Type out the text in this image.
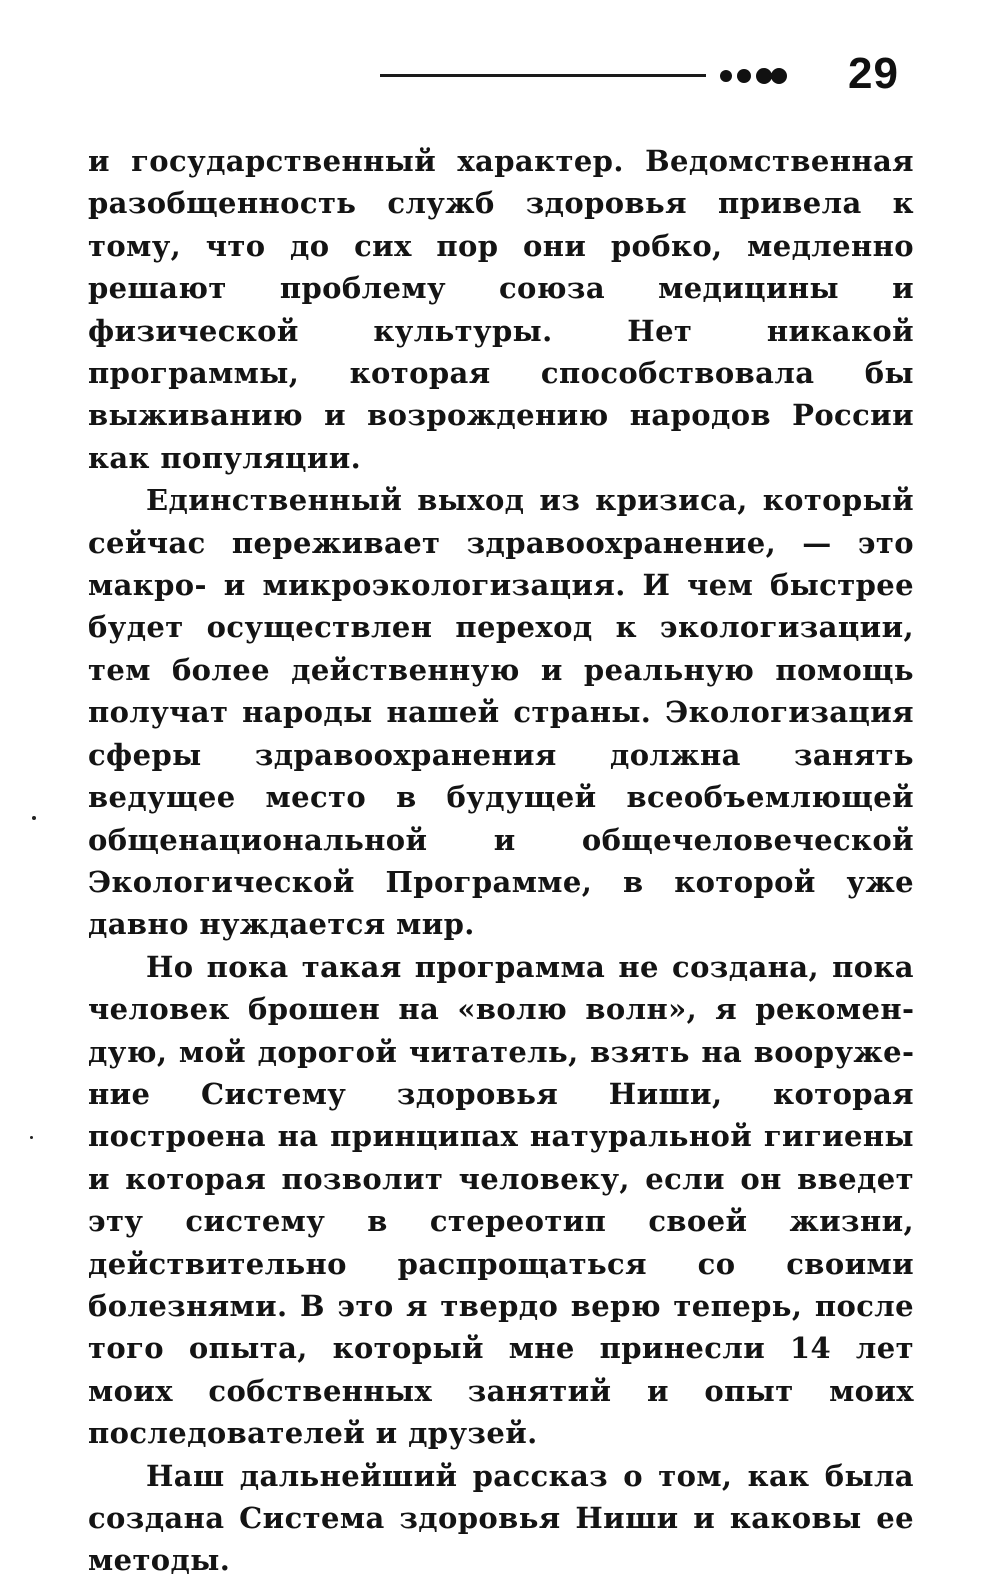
29

и государственный характер. Ведомственная разобщенность служб здоровья привела к тому, что до сих пор они робко, медленно решают проблему союза медицины и физической культуры. Нет никакой программы, которая способствовала бы выживанию и возрождению народов России как популяции.

Единственный выход из кризиса, который сейчас переживает здравоохранение, — это макро- и микроэкологизация. И чем быстрее будет осуществлен переход к экологизации, тем более действенную и реальную помощь получат народы нашей страны. Экологизация сферы здравоохранения должна занять ведущее место в будущей всеобъемлющей общенациональной и общечеловеческой Экологической Программе, в которой уже давно нуждается мир.

Но пока такая программа не создана, пока человек брошен на «волю волн», я рекомендую, мой дорогой читатель, взять на вооружение Систему здоровья Ниши, которая построена на принципах натуральной гигиены и которая позволит человеку, если он введет эту систему в стереотип своей жизни, действительно распрощаться со своими болезнями. В это я твердо верю теперь, после того опыта, который мне принесли 14 лет моих собственных занятий и опыт моих последователей и друзей.

Наш дальнейший рассказ о том, как была создана Система здоровья Ниши и каковы ее методы.
